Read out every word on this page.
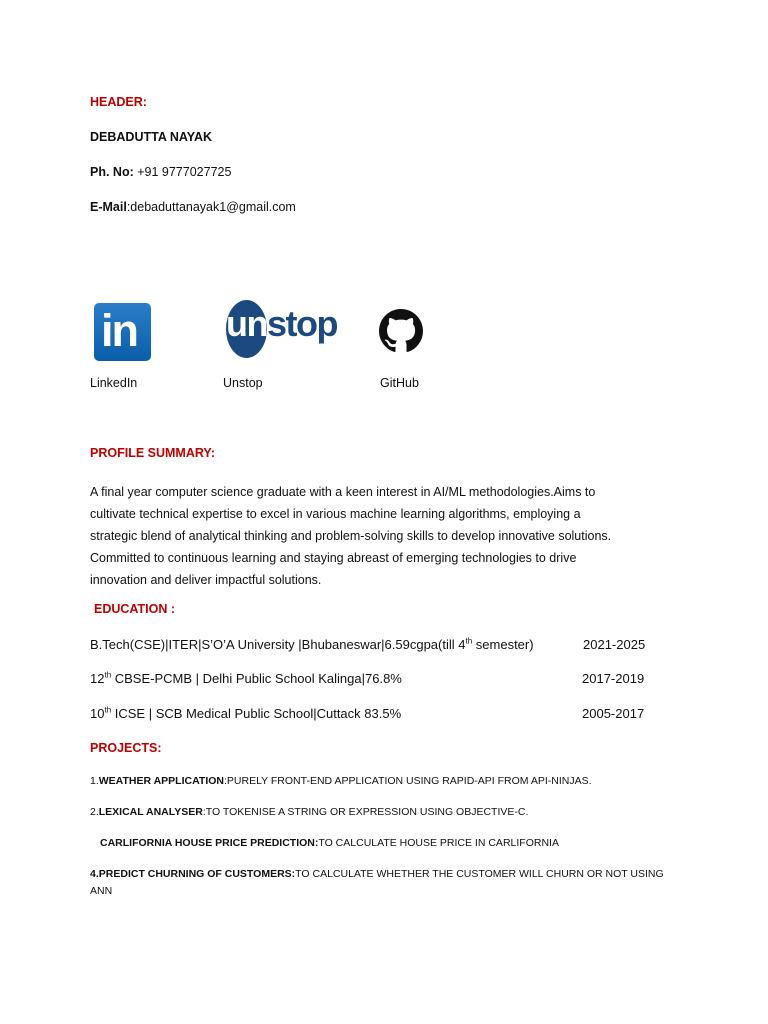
HEADER:
DEBADUTTA NAYAK
Ph. No: +91 9777027725
E-Mail:debaduttanayak1@gmail.com
in unstop
LinkedIn	Unstop	GitHub
PROFILE SUMMARY:
A final year computer science graduate with a keen interest in AI/ML methodologies.Aims to
cultivate technical expertise to excel in various machine learning algorithms, employing a
strategic blend of analytical thinking and problem-solving skills to develop innovative solutions.
Committed to continuous learning and staying abreast of emerging technologies to drive
innovation and deliver impactful solutions.
EDUCATION :
B.Tech(CSE)|ITER|S’O’A University |Bhubaneswar|6.59cgpa(till 4th semester)	2021-2025
12th CBSE-PCMB | Delhi Public School Kalinga|76.8%	2017-2019
10th ICSE | SCB Medical Public School|Cuttack 83.5%	2005-2017
PROJECTS:
1.WEATHER APPLICATION:PURELY FRONT-END APPLICATION USING RAPID-API FROM API-NINJAS.
2.LEXICAL ANALYSER:TO TOKENISE A STRING OR EXPRESSION USING OBJECTIVE-C.
CARLIFORNIA HOUSE PRICE PREDICTION:TO CALCULATE HOUSE PRICE IN CARLIFORNIA
4.PREDICT CHURNING OF CUSTOMERS:TO CALCULATE WHETHER THE CUSTOMER WILL CHURN OR NOT USING
ANN
